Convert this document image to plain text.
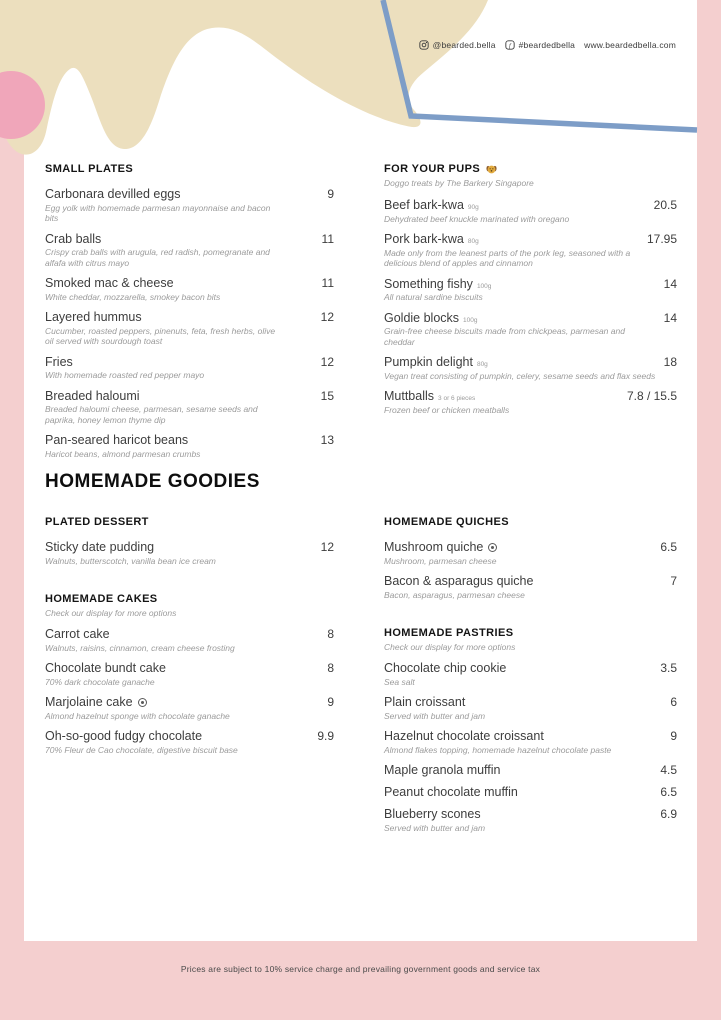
@bearded.bella f #beardedbella www.beardedbella.com
SMALL PLATES
Carbonara devilled eggs	9
Egg yolk with homemade parmesan mayonnaise and bacon bits
Crab balls	11
Crispy crab balls with arugula, red radish, pomegranate and alfafa with citrus mayo
Smoked mac & cheese	11
White cheddar, mozzarella, smokey bacon bits
Layered hummus	12
Cucumber, roasted peppers, pinenuts, feta, fresh herbs, olive oil served with sourdough toast
Fries	12
With homemade roasted red pepper mayo
Breaded haloumi	15
Breaded haloumi cheese, parmesan, sesame seeds and paprika, honey lemon thyme dip
Pan-seared haricot beans	13
Haricot beans, almond parmesan crumbs
FOR YOUR PUPS
Doggo treats by The Barkery Singapore
Beef bark-kwa 90g	20.5
Dehydrated beef knuckle marinated with oregano
Pork bark-kwa 80g	17.95
Made only from the leanest parts of the pork leg, seasoned with a delicious blend of apples and cinnamon
Something fishy 100g	14
All natural sardine biscuits
Goldie blocks 100g	14
Grain-free cheese biscuits made from chickpeas, parmesan and cheddar
Pumpkin delight 80g	18
Vegan treat consisting of pumpkin, celery, sesame seeds and flax seeds
Muttballs 3 or 6 pieces	7.8 / 15.5
Frozen beef or chicken meatballs
HOMEMADE GOODIES
PLATED DESSERT
Sticky date pudding	12
Walnuts, butterscotch, vanilla bean ice cream
HOMEMADE CAKES
Check our display for more options
Carrot cake	8
Walnuts, raisins, cinnamon, cream cheese frosting
Chocolate bundt cake	8
70% dark chocolate ganache
Marjolaine cake	9
Almond hazelnut sponge with chocolate ganache
Oh-so-good fudgy chocolate	9.9
70% Fleur de Cao chocolate, digestive biscuit base
HOMEMADE QUICHES
Mushroom quiche	6.5
Mushroom, parmesan cheese
Bacon & asparagus quiche	7
Bacon, asparagus, parmesan cheese
HOMEMADE PASTRIES
Check our display for more options
Chocolate chip cookie	3.5
Sea salt
Plain croissant	6
Served with butter and jam
Hazelnut chocolate croissant	9
Almond flakes topping, homemade hazelnut chocolate paste
Maple granola muffin	4.5
Peanut chocolate muffin	6.5
Blueberry scones	6.9
Served with butter and jam

Prices are subject to 10% service charge and prevailing government goods and service tax
